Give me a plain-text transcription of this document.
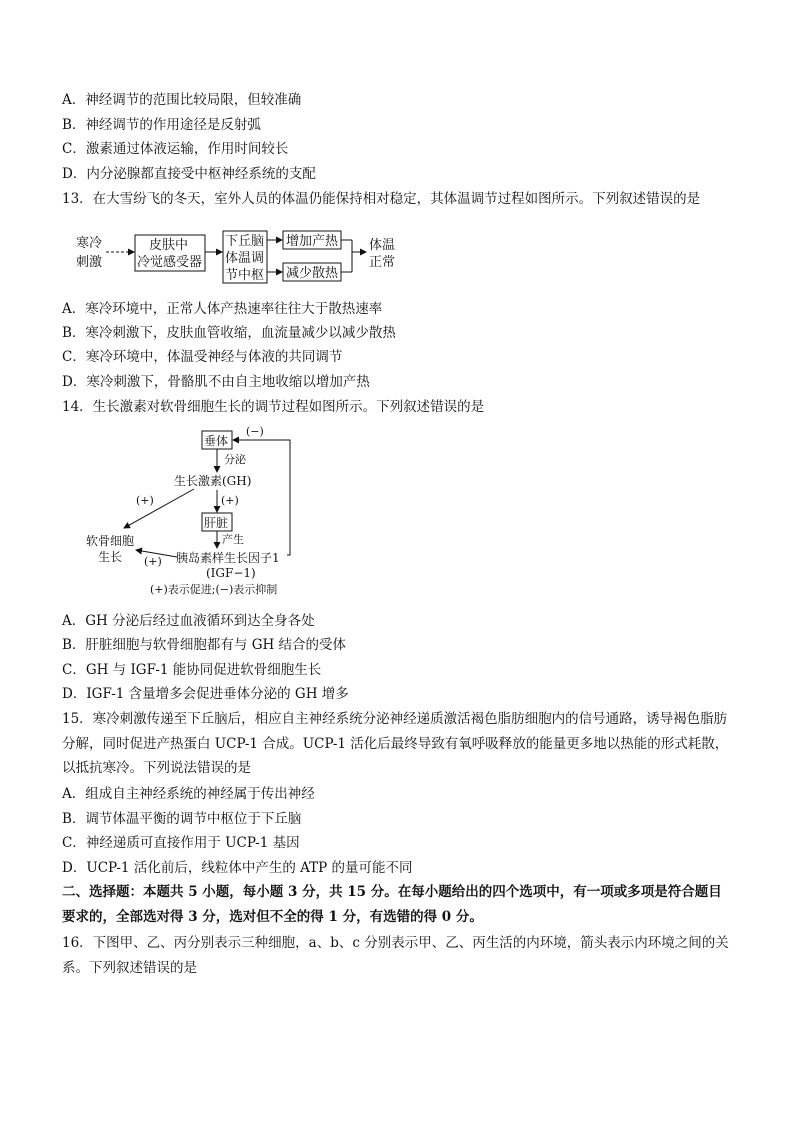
A．神经调节的范围比较局限，但较准确
B．神经调节的作用途径是反射弧
C．激素通过体液运输，作用时间较长
D．内分泌腺都直接受中枢神经系统的支配
13．在大雪纷飞的冬天，室外人员的体温仍能保持相对稳定，其体温调节过程如图所示。下列叙述错误的是
寒冷
刺激
皮肤中
冷觉感受器
下丘脑
体温调
节中枢
增加产热
减少散热
体温
正常
A．寒冷环境中，正常人体产热速率往往大于散热速率
B．寒冷刺激下，皮肤血管收缩，血流量减少以减少散热
C．寒冷环境中，体温受神经与体液的共同调节
D．寒冷刺激下，骨骼肌不由自主地收缩以增加产热
14．生长激素对软骨细胞生长的调节过程如图所示。下列叙述错误的是
垂体
(−)
分泌
生长激素(GH)
(+)	(+)
肝脏
产生
软骨细胞
生长 (+) 胰岛素样生长因子1
(IGF−1)
(+)表示促进;(−)表示抑制
A．GH 分泌后经过血液循环到达全身各处
B．肝脏细胞与软骨细胞都有与 GH 结合的受体
C．GH 与 IGF-1 能协同促进软骨细胞生长
D．IGF-1 含量增多会促进垂体分泌的 GH 增多
15．寒冷刺激传递至下丘脑后，相应自主神经系统分泌神经递质激活褐色脂肪细胞内的信号通路，诱导褐色脂肪分解，同时促进产热蛋白 UCP-1 合成。UCP-1 活化后最终导致有氧呼吸释放的能量更多地以热能的形式耗散，以抵抗寒冷。下列说法错误的是
A．组成自主神经系统的神经属于传出神经
B．调节体温平衡的调节中枢位于下丘脑
C．神经递质可直接作用于 UCP-1 基因
D．UCP-1 活化前后，线粒体中产生的 ATP 的量可能不同
二、选择题：本题共 5 小题，每小题 3 分，共 15 分。在每小题给出的四个选项中，有一项或多项是符合题目要求的，全部选对得 3 分，选对但不全的得 1 分，有选错的得 0 分。
16．下图甲、乙、丙分别表示三种细胞，a、b、c 分别表示甲、乙、丙生活的内环境，箭头表示内环境之间的关系。下列叙述错误的是
